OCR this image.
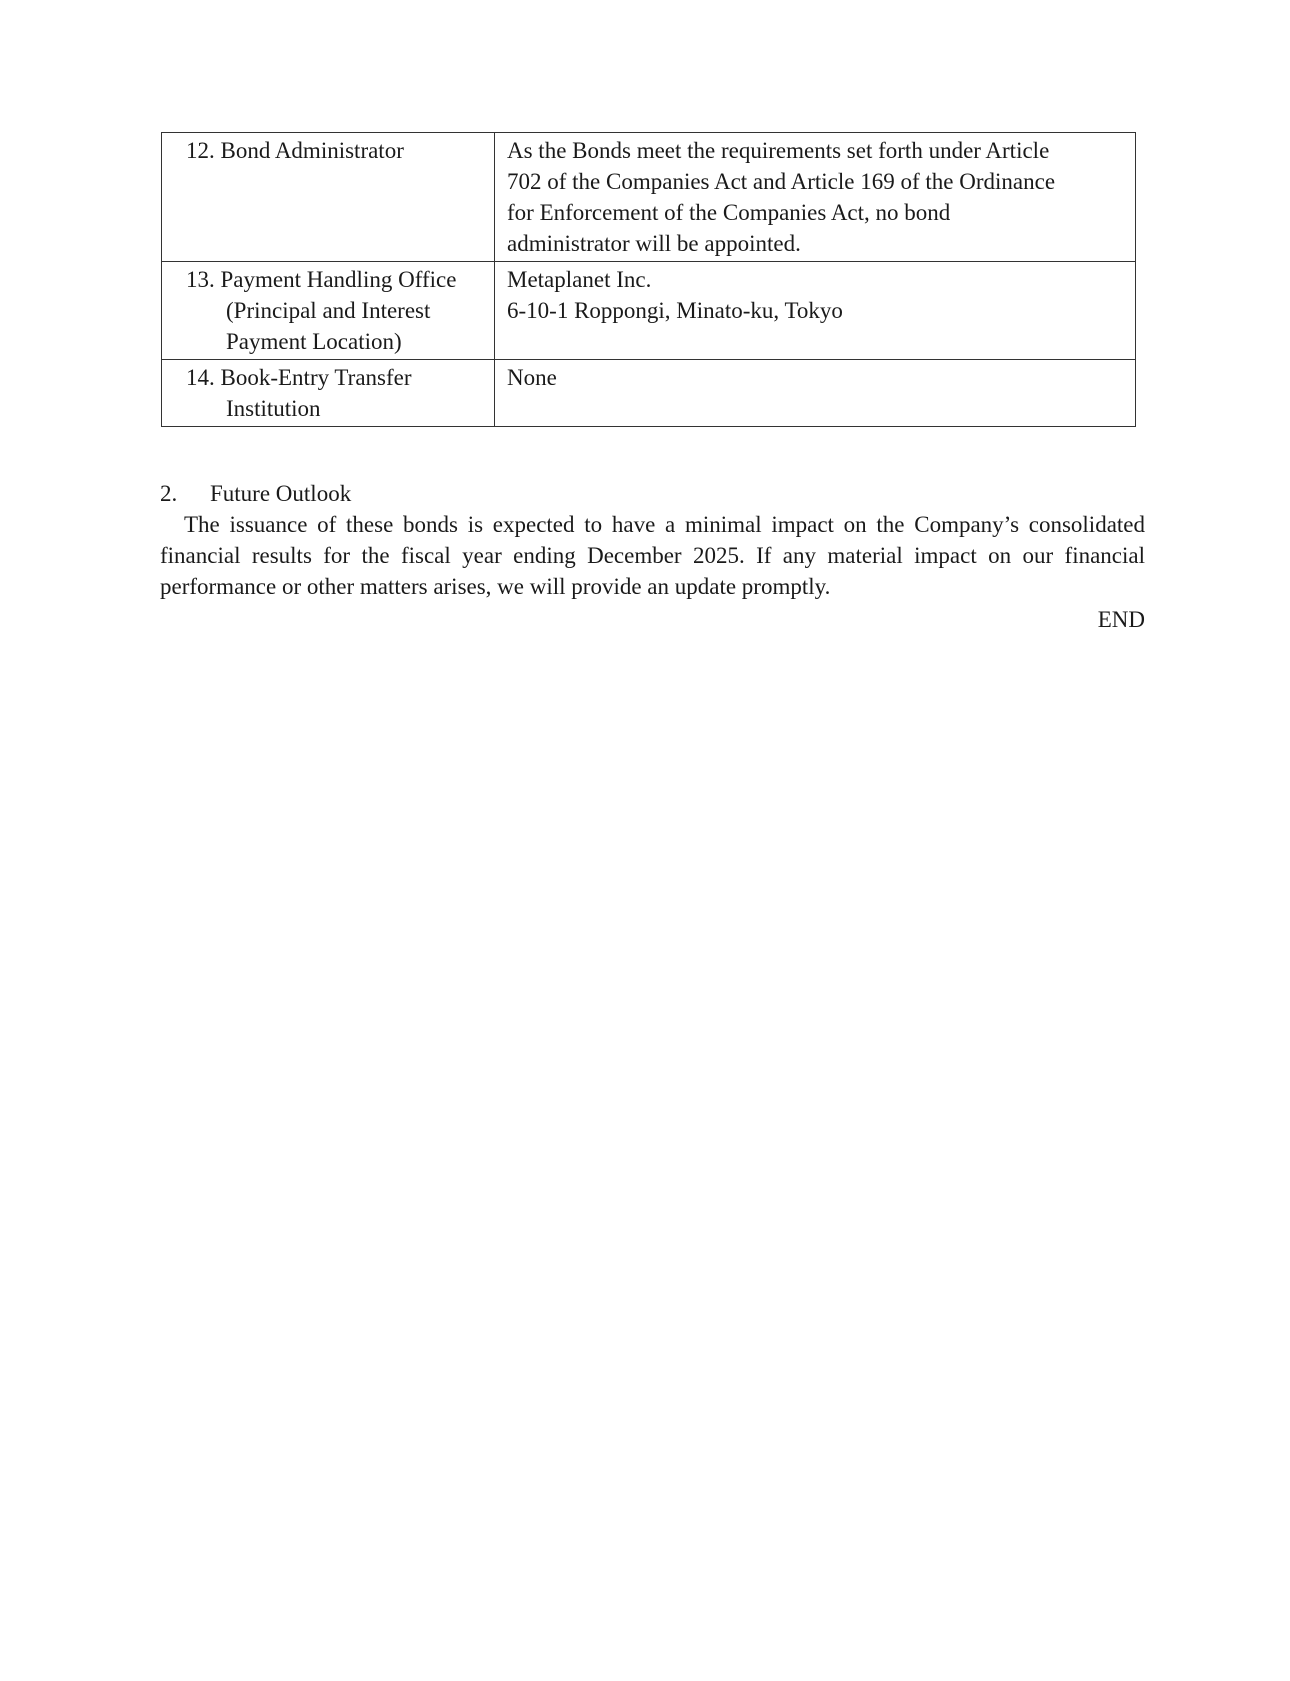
12. Bond Administrator	As the Bonds meet the requirements set forth under Article
702 of the Companies Act and Article 169 of the Ordinance
for Enforcement of the Companies Act, no bond
administrator will be appointed.

13. Payment Handling Office (Principal and Interest Payment Location)	Metaplanet Inc.
6-10-1 Roppongi, Minato-ku, Tokyo

14. Book-Entry Transfer Institution	None
2.	Future Outlook

The issuance of these bonds is expected to have a minimal impact on the Company’s consolidated financial results for the fiscal year ending December 2025. If any material impact on our financial performance or other matters arises, we will provide an update promptly.

END
